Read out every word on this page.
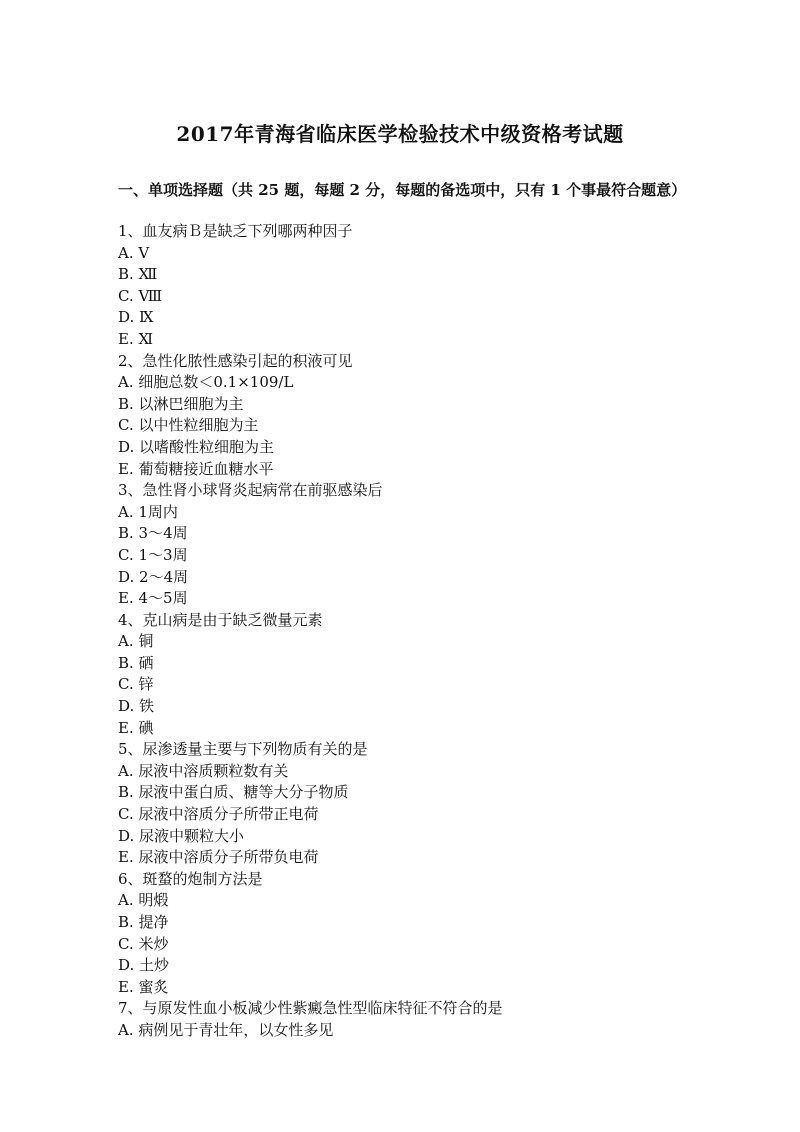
2017年青海省临床医学检验技术中级资格考试题
一、单项选择题（共 25 题，每题 2 分，每题的备选项中，只有 1 个事最符合题意）
1、血友病Ｂ是缺乏下列哪两种因子
A. Ⅴ
B. Ⅻ
C. Ⅷ
D. Ⅸ
E. Ⅺ
2、急性化脓性感染引起的积液可见
A. 细胞总数＜0.1×109/L
B. 以淋巴细胞为主
C. 以中性粒细胞为主
D. 以嗜酸性粒细胞为主
E. 葡萄糖接近血糖水平
3、急性肾小球肾炎起病常在前驱感染后
A. 1周内
B. 3～4周
C. 1～3周
D. 2～4周
E. 4～5周
4、克山病是由于缺乏微量元素
A. 铜
B. 硒
C. 锌
D. 铁
E. 碘
5、尿渗透量主要与下列物质有关的是
A. 尿液中溶质颗粒数有关
B. 尿液中蛋白质、糖等大分子物质
C. 尿液中溶质分子所带正电荷
D. 尿液中颗粒大小
E. 尿液中溶质分子所带负电荷
6、斑蝥的炮制方法是
A. 明煅
B. 提净
C. 米炒
D. 土炒
E. 蜜炙
7、与原发性血小板减少性紫癜急性型临床特征不符合的是
A. 病例见于青壮年，以女性多见
